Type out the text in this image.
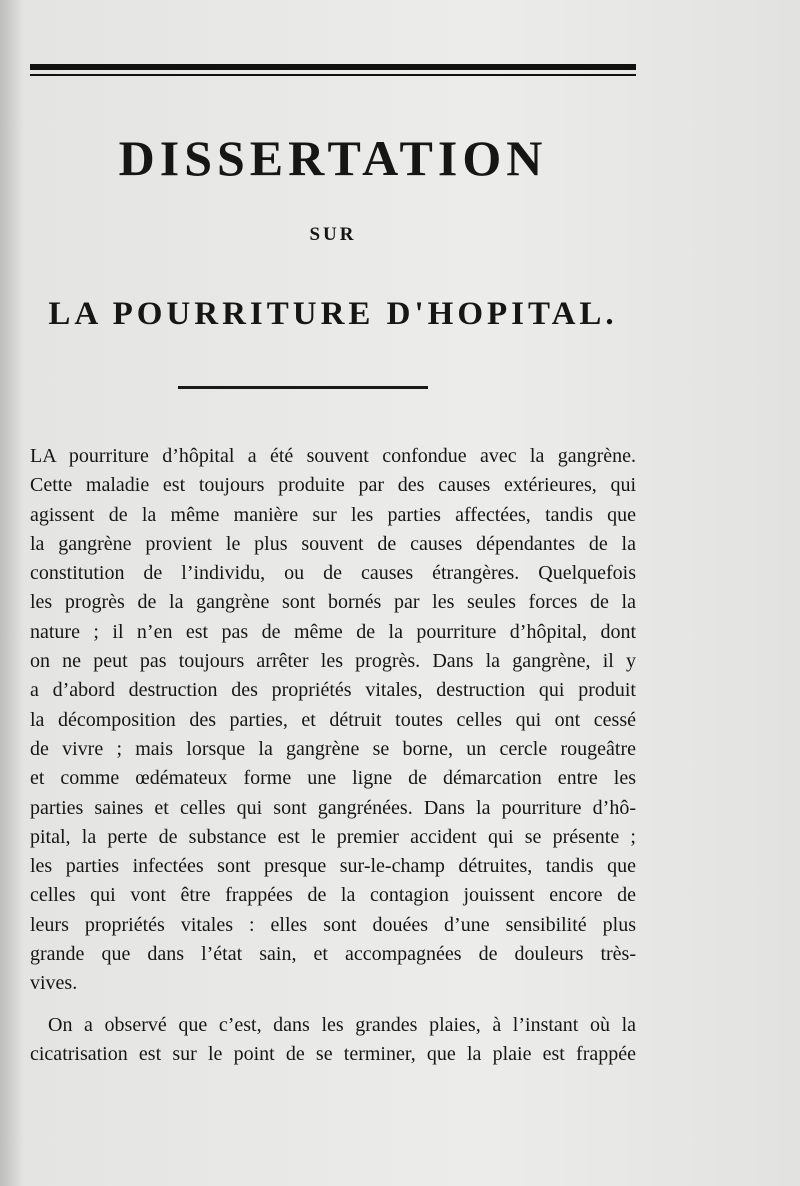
DISSERTATION
SUR
LA POURRITURE D'HOPITAL.
LA pourriture d’hôpital a été souvent confondue avec la gangrène.
Cette maladie est toujours produite par des causes extérieures, qui
agissent de la même manière sur les parties affectées, tandis que
la gangrène provient le plus souvent de causes dépendantes de la
constitution de l’individu, ou de causes étrangères. Quelquefois
les progrès de la gangrène sont bornés par les seules forces de la
nature ; il n’en est pas de même de la pourriture d’hôpital, dont
on ne peut pas toujours arrêter les progrès. Dans la gangrène, il y
a d’abord destruction des propriétés vitales, destruction qui produit
la décomposition des parties, et détruit toutes celles qui ont cessé
de vivre ; mais lorsque la gangrène se borne, un cercle rougeâtre
et comme œdémateux forme une ligne de démarcation entre les
parties saines et celles qui sont gangrénées. Dans la pourriture d’hô-
pital, la perte de substance est le premier accident qui se présente ;
les parties infectées sont presque sur-le-champ détruites, tandis que
celles qui vont être frappées de la contagion jouissent encore de
leurs propriétés vitales : elles sont douées d’une sensibilité plus
grande que dans l’état sain, et accompagnées de douleurs très-
vives.
On a observé que c’est, dans les grandes plaies, à l’instant où la
cicatrisation est sur le point de se terminer, que la plaie est frappée
